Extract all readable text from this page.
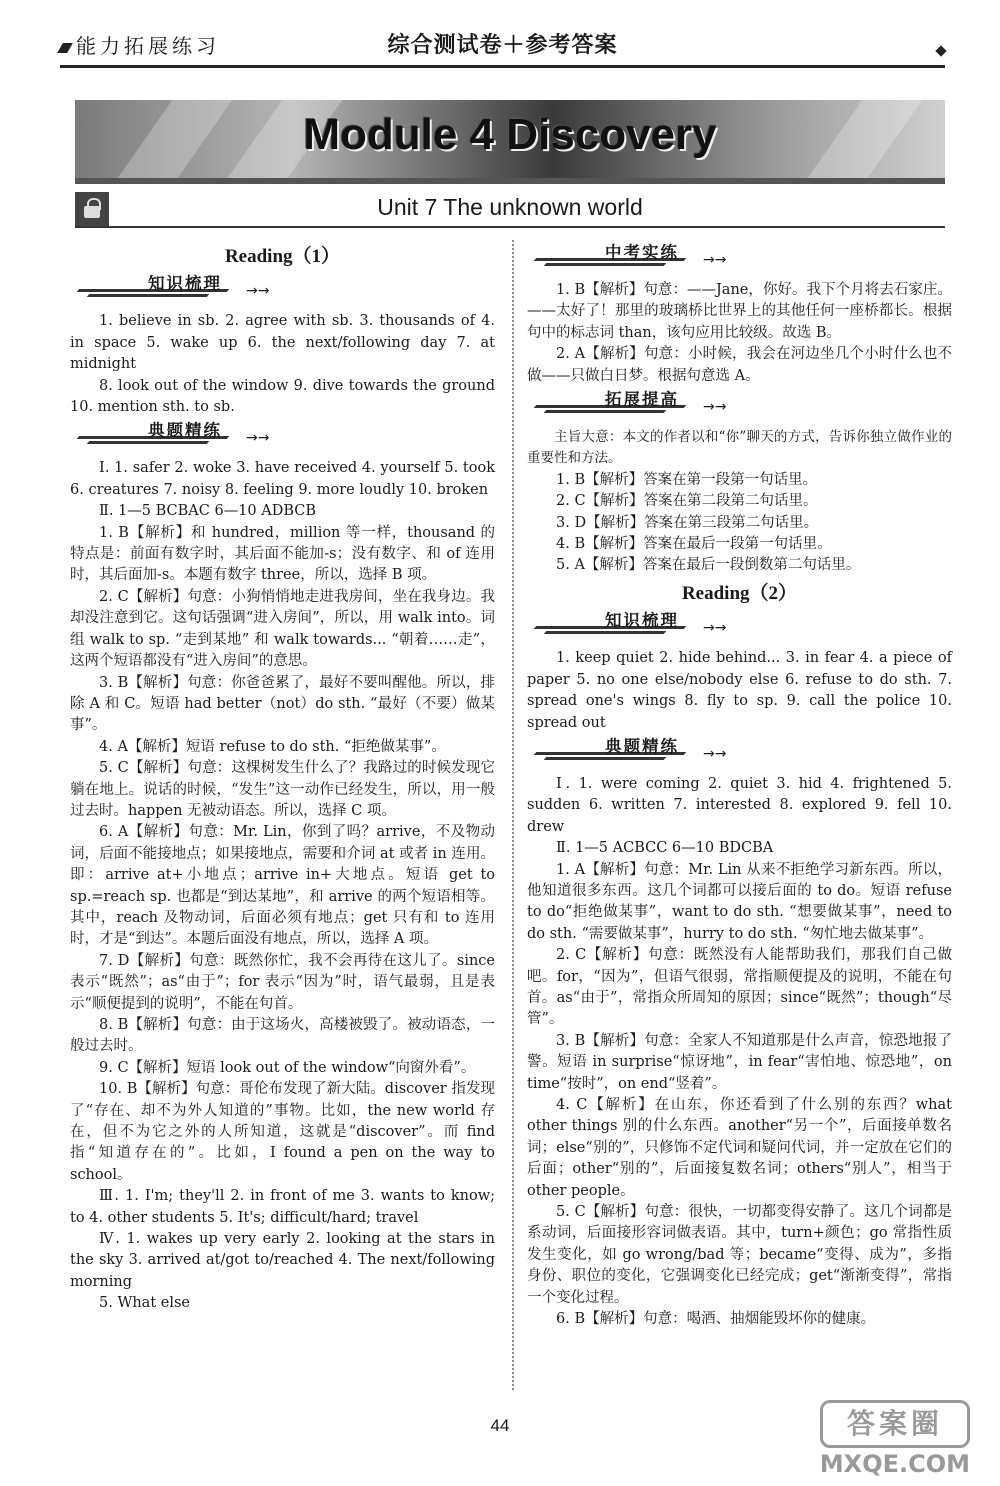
能力拓展练习	综合测试卷＋参考答案
Module 4 Discovery
Unit 7 The unknown world
Reading（1）
知识梳理 →→

1. believe in sb. 2. agree with sb. 3. thousands of 4. in space 5. wake up 6. the next/following day 7. at midnight

8. look out of the window 9. dive towards the ground 10. mention sth. to sb.

典题精练 →→

Ⅰ. 1. safer 2. woke 3. have received 4. yourself 5. took 6. creatures 7. noisy 8. feeling 9. more loudly 10. broken

Ⅱ. 1—5 BCBAC 6—10 ADBCB

1. B【解析】和 hundred，million 等一样，thousand 的特点是：前面有数字时，其后面不能加-s；没有数字、和 of 连用时，其后面加-s。本题有数字 three，所以，选择 B 项。

2. C【解析】句意：小狗悄悄地走进我房间，坐在我身边。我却没注意到它。这句话强调“进入房间”，所以，用 walk into。词组 walk to sp. “走到某地” 和 walk towards... “朝着……走”，这两个短语都没有“进入房间”的意思。

3. B【解析】句意：你爸爸累了，最好不要叫醒他。所以，排除 A 和 C。短语 had better（not）do sth. “最好（不要）做某事”。

4. A【解析】短语 refuse to do sth. “拒绝做某事”。

5. C【解析】句意：这棵树发生什么了？我路过的时候发现它躺在地上。说话的时候，“发生”这一动作已经发生，所以，用一般过去时。happen 无被动语态。所以，选择 C 项。

6. A【解析】句意：Mr. Lin，你到了吗？arrive，不及物动词，后面不能接地点；如果接地点，需要和介词 at 或者 in 连用。即：arrive at+小地点；arrive in+大地点。短语 get to sp.=reach sp. 也都是“到达某地”，和 arrive 的两个短语相等。其中，reach 及物动词，后面必须有地点；get 只有和 to 连用时，才是“到达”。本题后面没有地点，所以，选择 A 项。

7. D【解析】句意：既然你忙，我不会再待在这儿了。since 表示“既然”；as“由于”；for 表示“因为”时，语气最弱，且是表示“顺便提到的说明”，不能在句首。

8. B【解析】句意：由于这场火，高楼被毁了。被动语态，一般过去时。

9. C【解析】短语 look out of the window“向窗外看”。

10. B【解析】句意：哥伦布发现了新大陆。discover 指发现了“存在、却不为外人知道的”事物。比如，the new world 存在，但不为它之外的人所知道，这就是“discover”。而 find 指“知道存在的”。比如，I found a pen on the way to school。

Ⅲ. 1. I'm; they'll 2. in front of me 3. wants to know; to 4. other students 5. It's; difficult/hard; travel

Ⅳ. 1. wakes up very early 2. looking at the stars in the sky 3. arrived at/got to/reached 4. The next/following morning

5. What else

中考实练 →→

1. B【解析】句意：——Jane，你好。我下个月将去石家庄。——太好了！那里的玻璃桥比世界上的其他任何一座桥都长。根据句中的标志词 than，该句应用比较级。故选 B。

2. A【解析】句意：小时候，我会在河边坐几个小时什么也不做——只做白日梦。根据句意选 A。

拓展提高 →→

主旨大意：本文的作者以和“你”聊天的方式，告诉你独立做作业的重要性和方法。

1. B【解析】答案在第一段第一句话里。

2. C【解析】答案在第二段第二句话里。

3. D【解析】答案在第三段第二句话里。

4. B【解析】答案在最后一段第一句话里。

5. A【解析】答案在最后一段倒数第二句话里。

Reading（2）
知识梳理 →→

1. keep quiet 2. hide behind... 3. in fear 4. a piece of paper 5. no one else/nobody else 6. refuse to do sth. 7. spread one's wings 8. fly to sp. 9. call the police 10. spread out

典题精练 →→

Ⅰ. 1. were coming 2. quiet 3. hid 4. frightened 5. sudden 6. written 7. interested 8. explored 9. fell 10. drew

Ⅱ. 1—5 ACBCC 6—10 BDCBA

1. A【解析】句意：Mr. Lin 从来不拒绝学习新东西。所以，他知道很多东西。这几个词都可以接后面的 to do。短语 refuse to do“拒绝做某事”，want to do sth. “想要做某事”，need to do sth. “需要做某事”，hurry to do sth. “匆忙地去做某事”。

2. C【解析】句意：既然没有人能帮助我们，那我们自己做吧。for，“因为”，但语气很弱，常指顺便提及的说明，不能在句首。as“由于”，常指众所周知的原因；since“既然”；though“尽管”。

3. B【解析】句意：全家人不知道那是什么声音，惊恐地报了警。短语 in surprise“惊讶地”，in fear“害怕地、惊恐地”，on time“按时”，on end“竖着”。

4. C【解析】在山东，你还看到了什么别的东西？what other things 别的什么东西。another“另一个”，后面接单数名词；else“别的”，只修饰不定代词和疑问代词，并一定放在它们的后面；other“别的”，后面接复数名词；others“别人”，相当于 other people。

5. C【解析】句意：很快，一切都变得安静了。这几个词都是系动词，后面接形容词做表语。其中，turn+颜色；go 常指性质发生变化，如 go wrong/bad 等；became“变得、成为”，多指身份、职位的变化，它强调变化已经完成；get“渐渐变得”，常指一个变化过程。

6. B【解析】句意：喝酒、抽烟能毁坏你的健康。

44	答案圈
MXQE.COM
